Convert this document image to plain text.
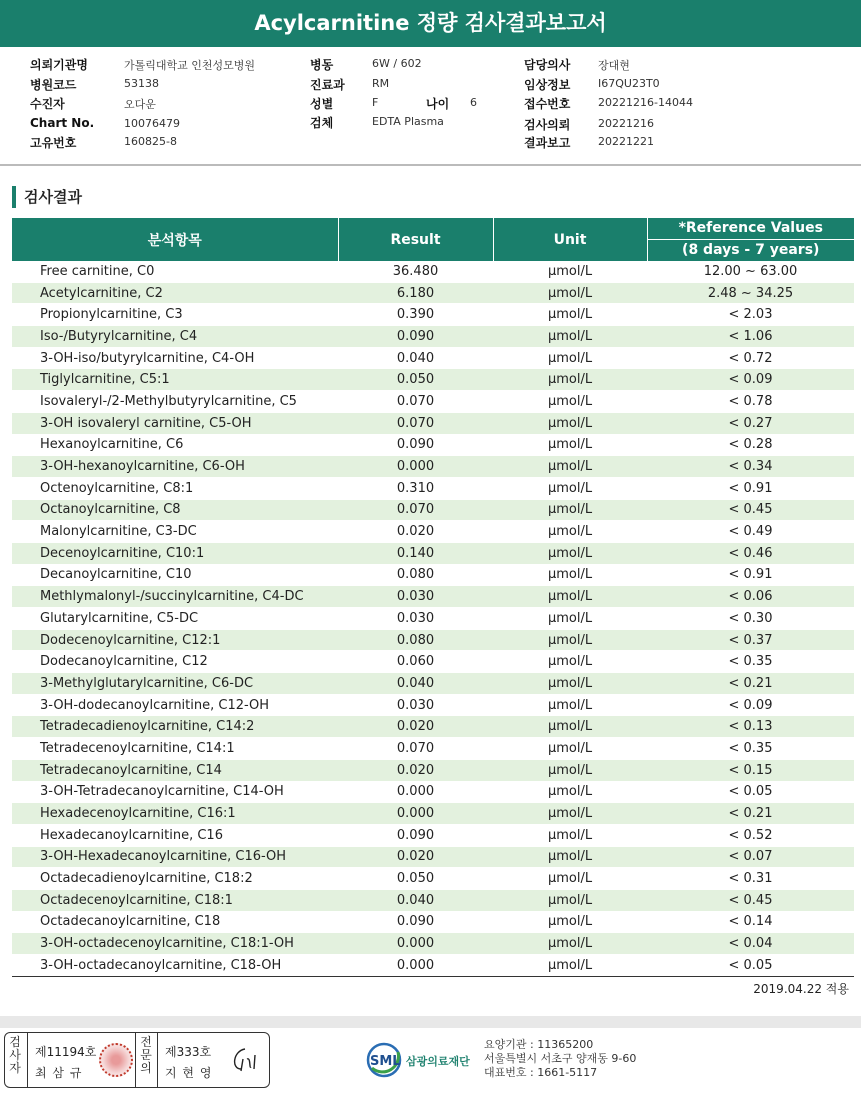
Acylcarnitine 정량 검사결과보고서
의뢰기관명	가톨릭대학교 인천성모병원
병원코드	53138
수진자	오다운
Chart No.	10076479
고유번호	160825-8
병동	6W / 602
진료과 RM
성별	F	나이 6
검체	EDTA Plasma
담당의사	장대현
임상정보	I67QU23T0
접수번호	20221216-14044
검사의뢰	20221216
결과보고	20221221
검사결과
분석항목	Result	Unit	*Reference Values
(8 days - 7 years)

Free carnitine, C0	36.480	μmol/L	12.00 ~ 63.00
Acetylcarnitine, C2	6.180	μmol/L	2.48 ~ 34.25
Propionylcarnitine, C3	0.390	μmol/L	< 2.03
Iso-/Butyrylcarnitine, C4	0.090	μmol/L	< 1.06
3-OH-iso/butyrylcarnitine, C4-OH	0.040	μmol/L	< 0.72
Tiglylcarnitine, C5:1	0.050	μmol/L	< 0.09
Isovaleryl-/2-Methylbutyrylcarnitine, C5	0.070	μmol/L	< 0.78
3-OH isovaleryl carnitine, C5-OH	0.070	μmol/L	< 0.27
Hexanoylcarnitine, C6	0.090	μmol/L	< 0.28
3-OH-hexanoylcarnitine, C6-OH	0.000	μmol/L	< 0.34
Octenoylcarnitine, C8:1	0.310	μmol/L	< 0.91
Octanoylcarnitine, C8	0.070	μmol/L	< 0.45
Malonylcarnitine, C3-DC	0.020	μmol/L	< 0.49
Decenoylcarnitine, C10:1	0.140	μmol/L	< 0.46
Decanoylcarnitine, C10	0.080	μmol/L	< 0.91
Methlymalonyl-/succinylcarnitine, C4-DC	0.030	μmol/L	< 0.06
Glutarylcarnitine, C5-DC	0.030	μmol/L	< 0.30
Dodecenoylcarnitine, C12:1	0.080	μmol/L	< 0.37
Dodecanoylcarnitine, C12	0.060	μmol/L	< 0.35
3-Methylglutarylcarnitine, C6-DC	0.040	μmol/L	< 0.21
3-OH-dodecanoylcarnitine, C12-OH	0.030	μmol/L	< 0.09
Tetradecadienoylcarnitine, C14:2	0.020	μmol/L	< 0.13
Tetradecenoylcarnitine, C14:1	0.070	μmol/L	< 0.35
Tetradecanoylcarnitine, C14	0.020	μmol/L	< 0.15
3-OH-Tetradecanoylcarnitine, C14-OH	0.000	μmol/L	< 0.05
Hexadecenoylcarnitine, C16:1	0.000	μmol/L	< 0.21
Hexadecanoylcarnitine, C16	0.090	μmol/L	< 0.52
3-OH-Hexadecanoylcarnitine, C16-OH	0.020	μmol/L	< 0.07
Octadecadienoylcarnitine, C18:2	0.050	μmol/L	< 0.31
Octadecenoylcarnitine, C18:1	0.040	μmol/L	< 0.45
Octadecanoylcarnitine, C18	0.090	μmol/L	< 0.14
3-OH-octadecenoylcarnitine, C18:1-OH	0.000	μmol/L	< 0.04
3-OH-octadecanoylcarnitine, C18-OH	0.000	μmol/L	< 0.05
2019.04.22 적용
검사자
제11194호
최 삼 규
전문의
제333호
지 현 영
SML 삼광의료재단
요양기관 : 11365200
서울특별시 서초구 양재동 9-60
대표번호 : 1661-5117
